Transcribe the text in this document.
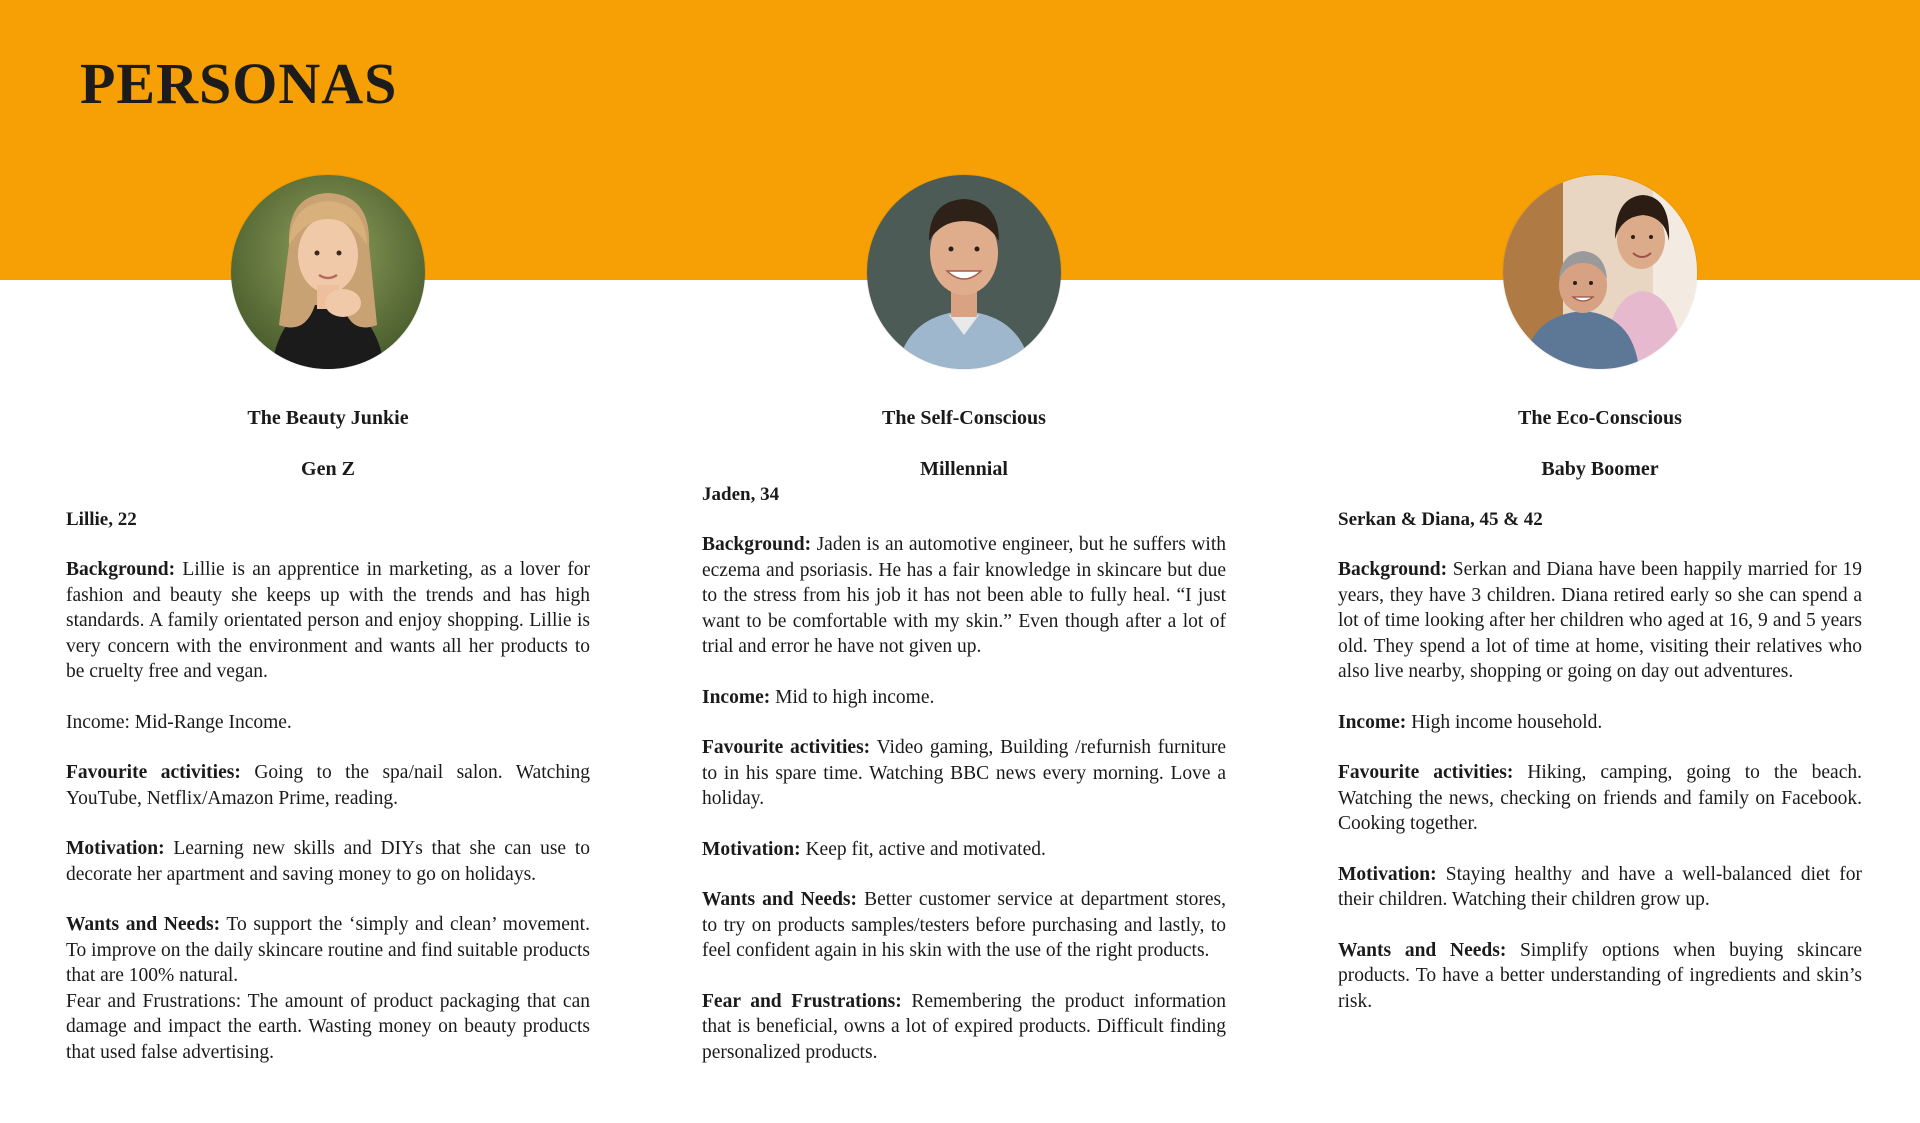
PERSONAS
The Beauty Junkie
Gen Z
Lillie, 22
Background: Lillie is an apprentice in marketing, as a lover for fashion and beauty she keeps up with the trends and has high standards. A family orientated person and enjoy shopping. Lillie is very concern with the environment and wants all her products to be cruelty free and vegan.
Income: Mid-Range Income.
Favourite activities: Going to the spa/nail salon. Watching YouTube, Netflix/Amazon Prime, reading.
Motivation: Learning new skills and DIYs that she can use to decorate her apartment and saving money to go on holidays.
Wants and Needs: To support the ‘simply and clean’ movement. To improve on the daily skincare routine and find suitable products that are 100% natural.
Fear and Frustrations: The amount of product packaging that can damage and impact the earth. Wasting money on beauty products that used false advertising.
The Self-Conscious
Millennial
Jaden, 34
Background: Jaden is an automotive engineer, but he suffers with eczema and psoriasis. He has a fair knowledge in skincare but due to the stress from his job it has not been able to fully heal. “I just want to be comfortable with my skin.” Even though after a lot of trial and error he have not given up.
Income: Mid to high income.
Favourite activities: Video gaming, Building /refurnish furniture to in his spare time. Watching BBC news every morning. Love a holiday.
Motivation: Keep fit, active and motivated.
Wants and Needs: Better customer service at department stores, to try on products samples/testers before purchasing and lastly, to feel confident again in his skin with the use of the right products.
Fear and Frustrations: Remembering the product information that is beneficial, owns a lot of expired products. Difficult finding personalized products.
The Eco-Conscious
Baby Boomer
Serkan & Diana, 45 & 42
Background: Serkan and Diana have been happily married for 19 years, they have 3 children. Diana retired early so she can spend a lot of time looking after her children who aged at 16, 9 and 5 years old. They spend a lot of time at home, visiting their relatives who also live nearby, shopping or going on day out adventures.
Income: High income household.
Favourite activities: Hiking, camping, going to the beach. Watching the news, checking on friends and family on Facebook. Cooking together.
Motivation: Staying healthy and have a well-balanced diet for their children. Watching their children grow up.
Wants and Needs: Simplify options when buying skincare products. To have a better understanding of ingredients and skin’s risk.
